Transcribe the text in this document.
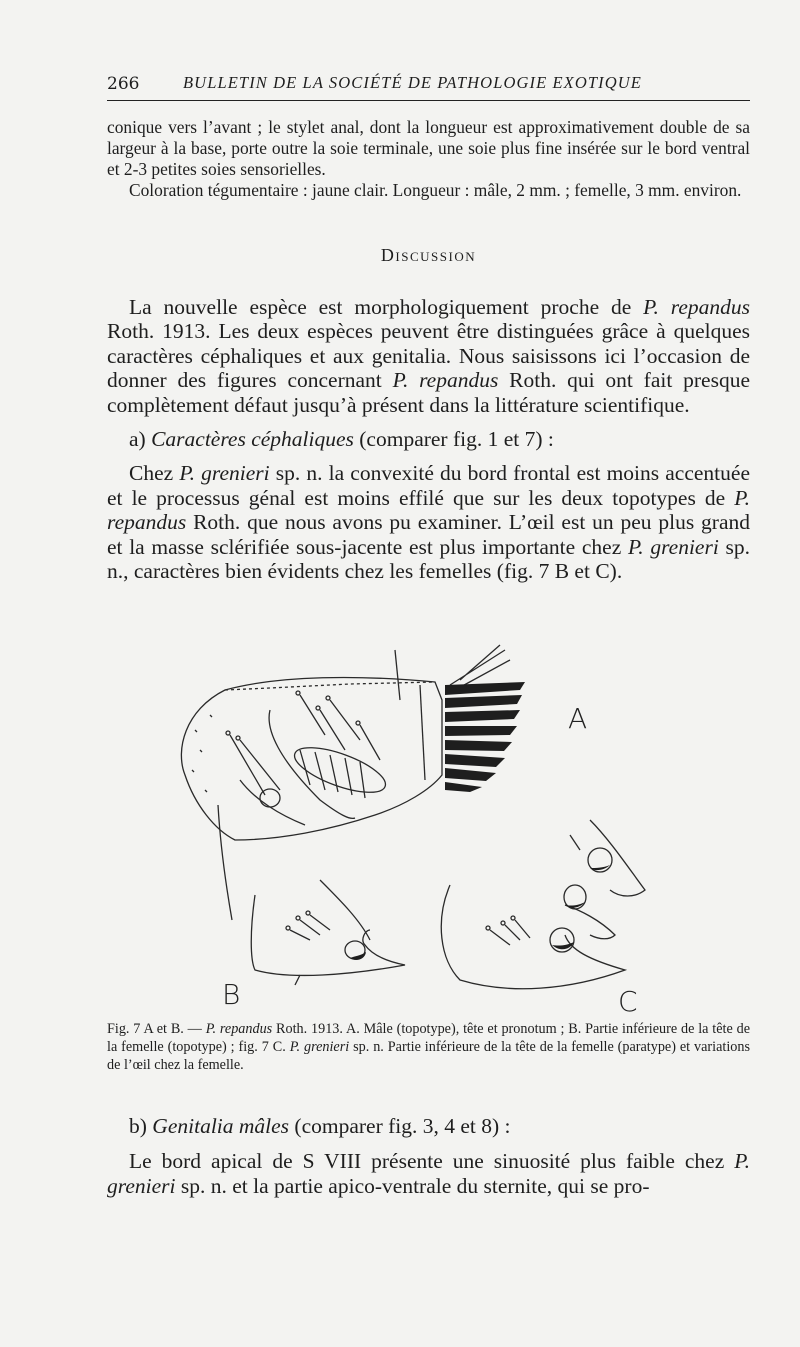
266	BULLETIN DE LA SOCIÉTÉ DE PATHOLOGIE EXOTIQUE

conique vers l’avant ; le stylet anal, dont la longueur est approximativement double de sa largeur à la base, porte outre la soie terminale, une soie plus fine insérée sur le bord ventral et 2-3 petites soies sensorielles.

Coloration tégumentaire : jaune clair. Longueur : mâle, 2 mm. ; femelle, 3 mm. environ.

Discussion

La nouvelle espèce est morphologiquement proche de P. repandus Roth. 1913. Les deux espèces peuvent être distinguées grâce à quelques caractères céphaliques et aux genitalia. Nous saisissons ici l’occasion de donner des figures concernant P. repandus Roth. qui ont fait presque complètement défaut jusqu’à présent dans la littérature scientifique.

a) Caractères céphaliques (comparer fig. 1 et 7) :

Chez P. grenieri sp. n. la convexité du bord frontal est moins accentuée et le processus génal est moins effilé que sur les deux topotypes de P. repandus Roth. que nous avons pu examiner. L’œil est un peu plus grand et la masse sclérifiée sous-jacente est plus importante chez P. grenieri sp. n., caractères bien évidents chez les femelles (fig. 7 B et C).

A
B	C

Fig. 7 A et B. — P. repandus Roth. 1913. A. Mâle (topotype), tête et pronotum ; B. Partie inférieure de la tête de la femelle (topotype) ; fig. 7 C. P. grenieri sp. n. Partie inférieure de la tête de la femelle (paratype) et variations de l’œil chez la femelle.

b) Genitalia mâles (comparer fig. 3, 4 et 8) :

Le bord apical de S VIII présente une sinuosité plus faible chez P. grenieri sp. n. et la partie apico-ventrale du sternite, qui se pro-
